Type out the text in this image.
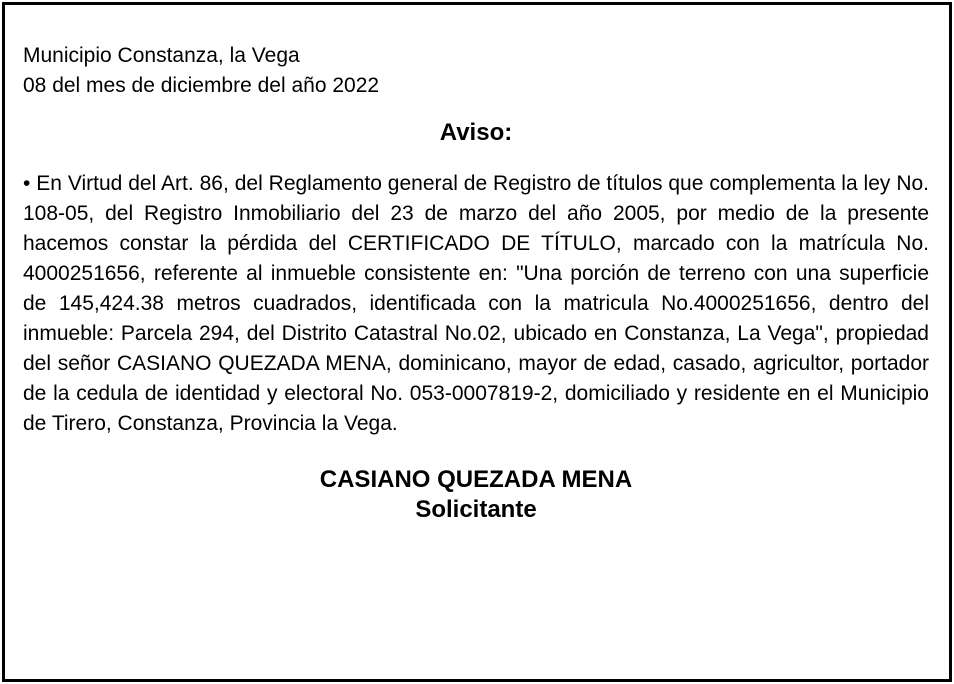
Municipio Constanza, la Vega

08 del mes de diciembre del año 2022

Aviso:

• En Virtud del Art. 86, del Reglamento general de Registro de títulos que complementa la ley No. 108-05, del Registro Inmobiliario del 23 de marzo del año 2005, por medio de la presente hacemos constar la pérdida del CERTIFICADO DE TÍTULO, marcado con la matrícula No. 4000251656, referente al inmueble consistente en: "Una porción de terreno con una superficie de 145,424.38 metros cuadrados, identificada con la matricula No.4000251656, dentro del inmueble: Parcela 294, del Distrito Catastral No.02, ubicado en Constanza, La Vega", propiedad del señor CASIANO QUEZADA MENA, dominicano, mayor de edad, casado, agricultor, portador de la cedula de identidad y electoral No. 053-0007819-2, domiciliado y residente en el Municipio de Tirero, Constanza, Provincia la Vega.

CASIANO QUEZADA MENA
Solicitante
